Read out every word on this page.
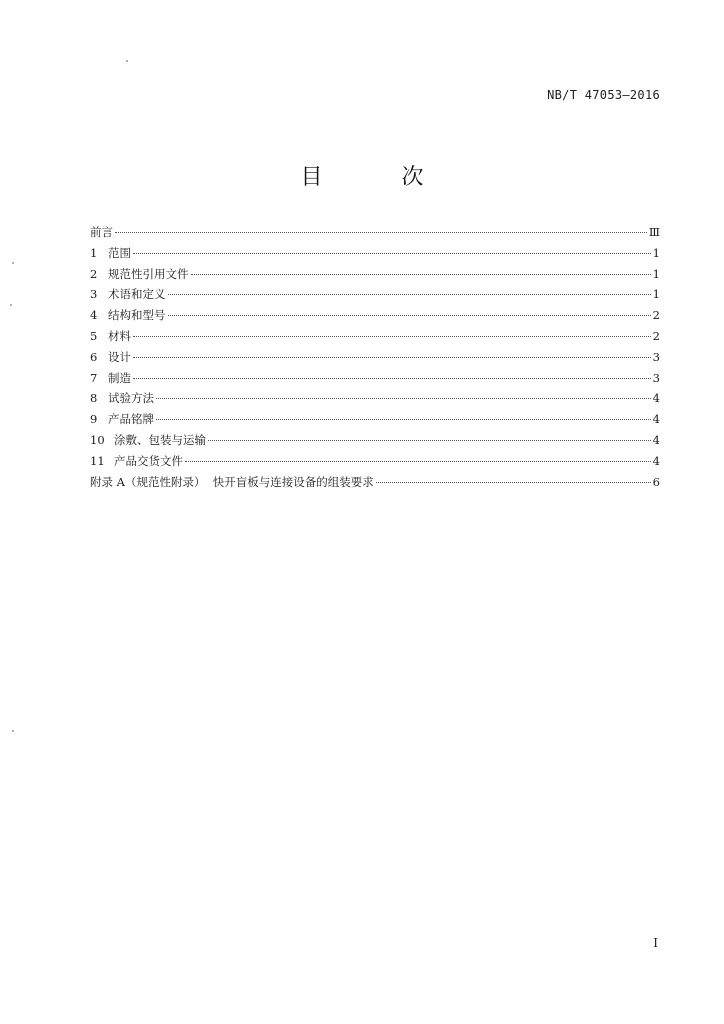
NB/T 47053—2016
目 次
前言	Ⅲ
1 范围	1
2 规范性引用文件	1
3 术语和定义	1
4 结构和型号	2
5 材料	2
6 设计	3
7 制造	3
8 试验方法	4
9 产品铭牌	4
10 涂敷、包装与运输	4
11 产品交货文件	4
附录 A（规范性附录）  快开盲板与连接设备的组装要求	6
I
